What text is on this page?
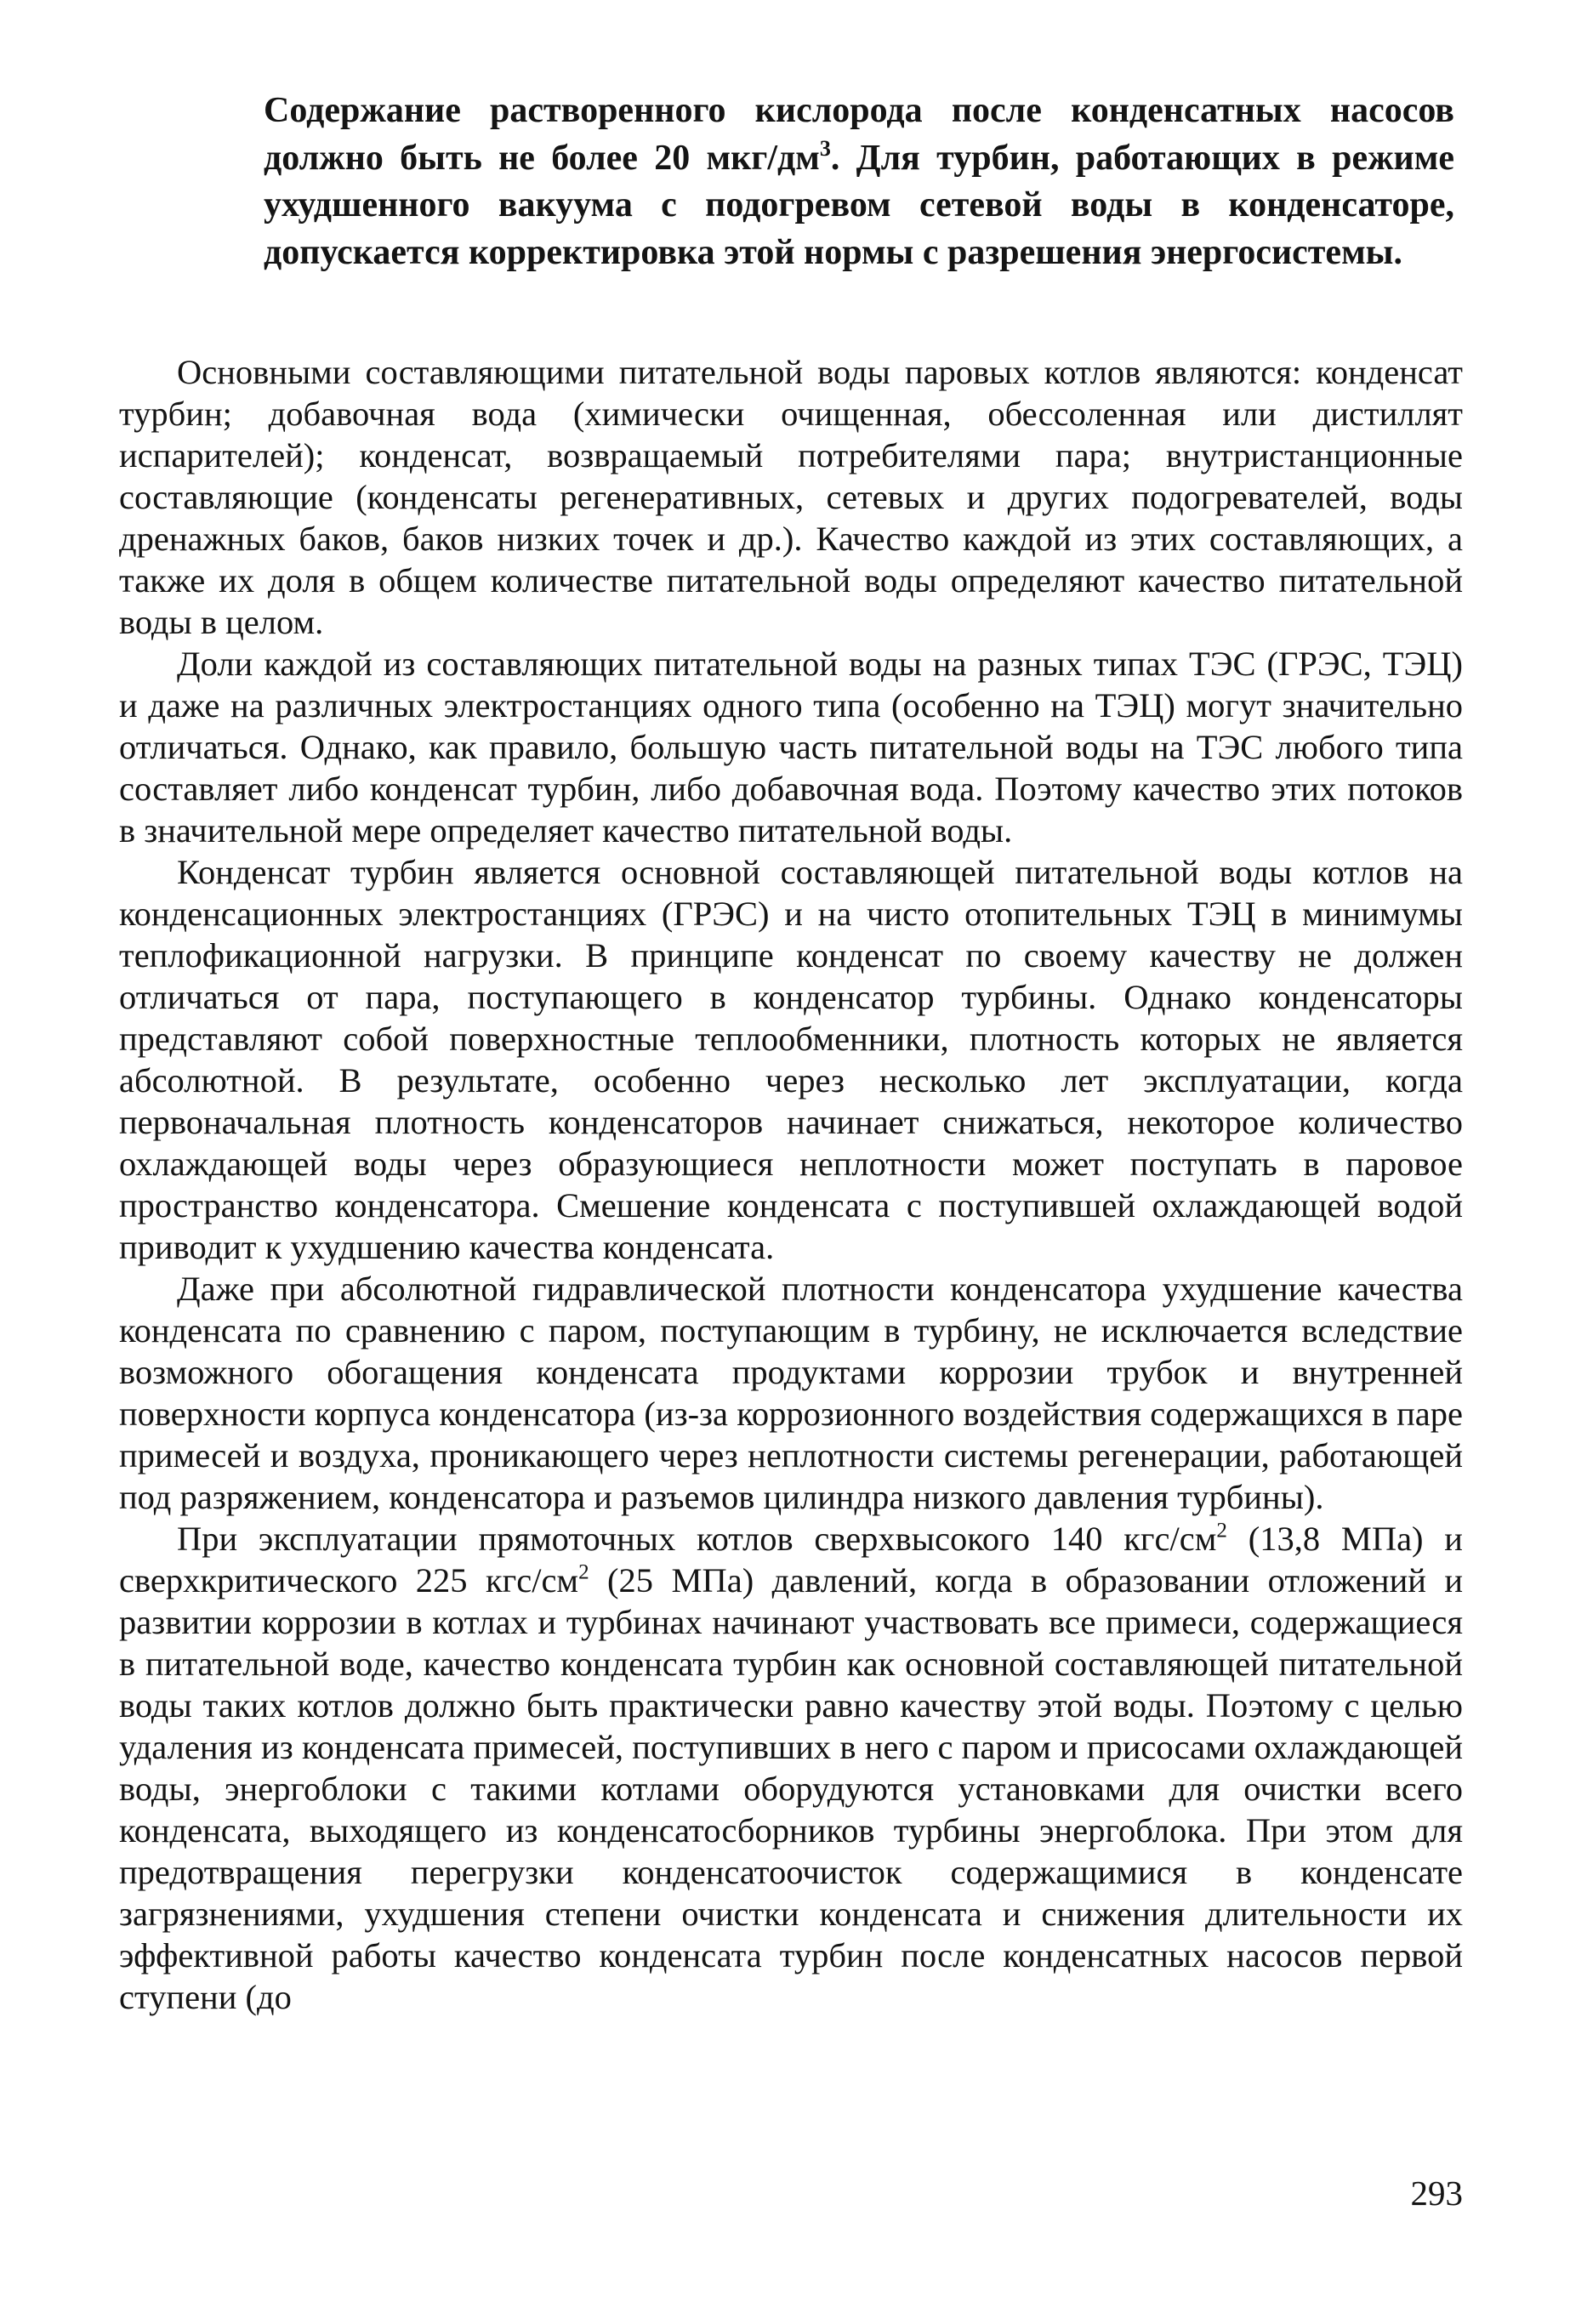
Содержание растворенного кислорода после конденсатных насосов должно быть не более 20 мкг/$дм^3$. Для турбин, работающих в режиме ухудшенного вакуума с подогревом сетевой воды в конденсаторе, допускается корректировка этой нормы с разрешения энергосистемы.

Основными составляющими питательной воды паровых котлов являются: конденсат турбин; добавочная вода (химически очищенная, обессоленная или дистиллят испарителей); конденсат, возвращаемый потребителями пара; внутристанционные составляющие (конденсаты регенеративных, сетевых и других подогревателей, воды дренажных баков, баков низких точек и др.). Качество каждой из этих составляющих, а также их доля в общем количестве питательной воды определяют качество питательной воды в целом.

Доли каждой из составляющих питательной воды на разных типах ТЭС (ГРЭС, ТЭЦ) и даже на различных электростанциях одного типа (особенно на ТЭЦ) могут значительно отличаться. Однако, как правило, большую часть питательной воды на ТЭС любого типа составляет либо конденсат турбин, либо добавочная вода. Поэтому качество этих потоков в значительной мере определяет качество питательной воды.

Конденсат турбин является основной составляющей питательной воды котлов на конденсационных электростанциях (ГРЭС) и на чисто отопительных ТЭЦ в минимумы теплофикационной нагрузки. В принципе конденсат по своему качеству не должен отличаться от пара, поступающего в конденсатор турбины. Однако конденсаторы представляют собой поверхностные теплообменники, плотность которых не является абсолютной. В результате, особенно через несколько лет эксплуатации, когда первоначальная плотность конденсаторов начинает снижаться, некоторое количество охлаждающей воды через образующиеся неплотности может поступать в паровое пространство конденсатора. Смешение конденсата с поступившей охлаждающей водой приводит к ухудшению качества конденсата.

Даже при абсолютной гидравлической плотности конденсатора ухудшение качества конденсата по сравнению с паром, поступающим в турбину, не исключается вследствие возможного обогащения конденсата продуктами коррозии трубок и внутренней поверхности корпуса конденсатора (из-за коррозионного воздействия содержащихся в паре примесей и воздуха, проникающего через неплотности системы регенерации, работающей под разряжением, конденсатора и разъемов цилиндра низкого давления турбины).

При эксплуатации прямоточных котлов сверхвысокого 140 кгс/$см^2$ (13,8 МПа) и сверхкритического 225 кгс/$см^2$ (25 МПа) давлений, когда в образовании отложений и развитии коррозии в котлах и турбинах начинают участвовать все примеси, содержащиеся в питательной воде, качество конденсата турбин как основной составляющей питательной воды таких котлов должно быть практически равно качеству этой воды. Поэтому с целью удаления из конденсата примесей, поступивших в него с паром и присосами охлаждающей воды, энергоблоки с такими котлами оборудуются установками для очистки всего конденсата, выходящего из конденсатосборников турбины энергоблока. При этом для предотвращения перегрузки конденсатоочисток содержащимися в конденсате загрязнениями, ухудшения степени очистки конденсата и снижения длительности их эффективной работы качество конденсата турбин после конденсатных насосов первой ступени (до

293
